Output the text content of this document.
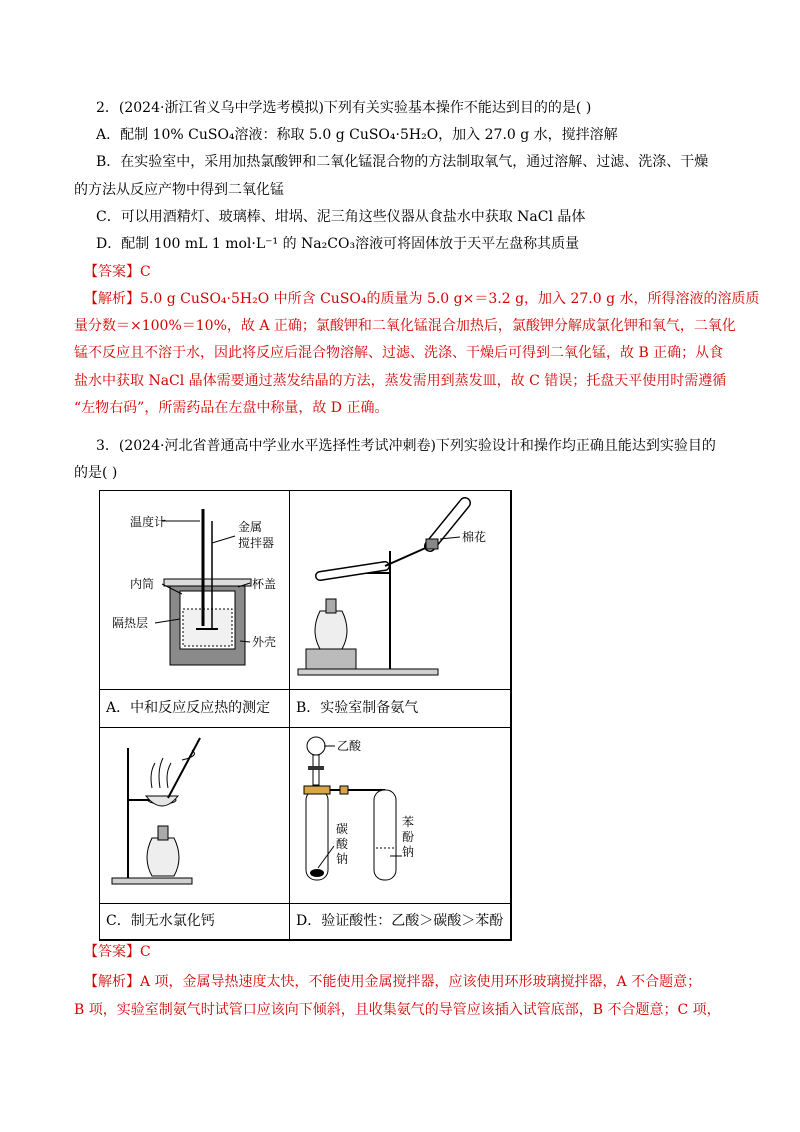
2．(2024·浙江省义乌中学选考模拟)下列有关实验基本操作不能达到目的的是( )
A．配制 10% CuSO₄溶液：称取 5.0 g CuSO₄·5H₂O，加入 27.0 g 水，搅拌溶解
B．在实验室中，采用加热氯酸钾和二氧化锰混合物的方法制取氧气，通过溶解、过滤、洗涤、干燥
的方法从反应产物中得到二氧化锰
C．可以用酒精灯、玻璃棒、坩埚、泥三角这些仪器从食盐水中获取 NaCl 晶体
D．配制 100 mL 1 mol·L⁻¹ 的 Na₂CO₃溶液可将固体放于天平左盘称其质量
【答案】C
【解析】5.0 g CuSO₄·5H₂O 中所含 CuSO₄的质量为 5.0 g×＝3.2 g，加入 27.0 g 水，所得溶液的溶质质
量分数＝×100%＝10%，故 A 正确；氯酸钾和二氧化锰混合加热后，氯酸钾分解成氯化钾和氧气，二氧化
锰不反应且不溶于水，因此将反应后混合物溶解、过滤、洗涤、干燥后可得到二氧化锰，故 B 正确；从食
盐水中获取 NaCl 晶体需要通过蒸发结晶的方法，蒸发需用到蒸发皿，故 C 错误；托盘天平使用时需遵循
“左物右码”，所需药品在左盘中称量，故 D 正确。
3．(2024·河北省普通高中学业水平选择性考试冲刺卷)下列实验设计和操作均正确且能达到实验目的
的是( )
温度计	金属
搅拌器
内筒	杯盖
隔热层
外壳
棉花
A．中和反应反应热的测定 B．实验室制备氨气
乙酸
碳
酸
钠
苯
酚
钠
C．制无水氯化钙	D．验证酸性：乙酸＞碳酸＞苯酚
【答案】C
【解析】A 项，金属导热速度太快，不能使用金属搅拌器，应该使用环形玻璃搅拌器，A 不合题意；
B 项，实验室制氨气时试管口应该向下倾斜，且收集氨气的导管应该插入试管底部，B 不合题意；C 项，
